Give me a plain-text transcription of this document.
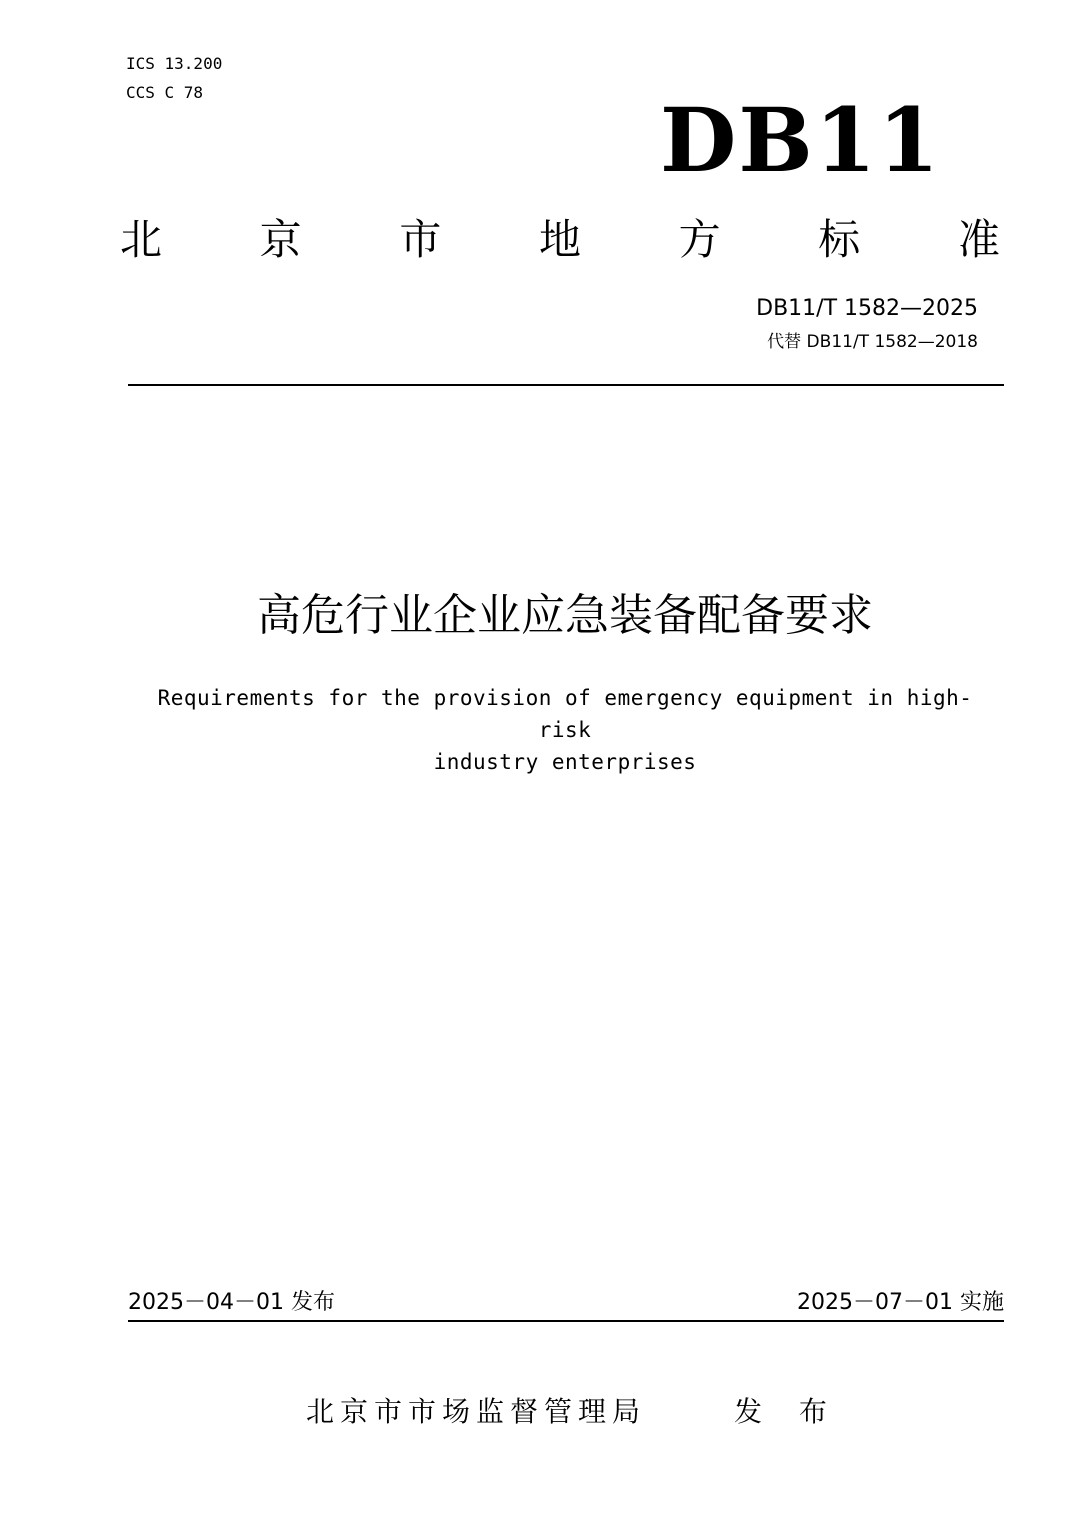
ICS 13.200
CCS C 78	DB11
北 京 市 地 方 标 准
DB11/T 1582—2025
代替 DB11/T 1582—2018
高危行业企业应急装备配备要求
Requirements for the provision of emergency equipment in high-risk
industry enterprises
2025－04－01 发布	2025－07－01 实施
北京市市场监督管理局	发 布
